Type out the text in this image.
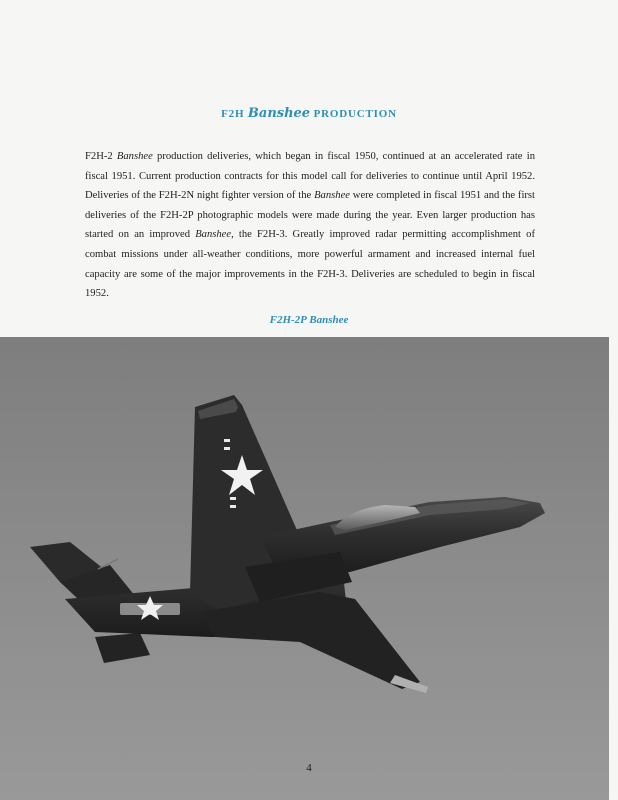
F2H Banshee PRODUCTION
F2H-2 Banshee production deliveries, which began in fiscal 1950, continued at an accelerated rate in fiscal 1951. Current production contracts for this model call for deliveries to continue until April 1952. Deliveries of the F2H-2N night fighter version of the Banshee were completed in fiscal 1951 and the first deliveries of the F2H-2P photographic models were made during the year. Even larger production has started on an improved Banshee, the F2H-3. Greatly improved radar permitting accomplishment of combat missions under all-weather conditions, more powerful armament and increased internal fuel capacity are some of the major improvements in the F2H-3. Deliveries are scheduled to begin in fiscal 1952.
F2H-2P Banshee
4
